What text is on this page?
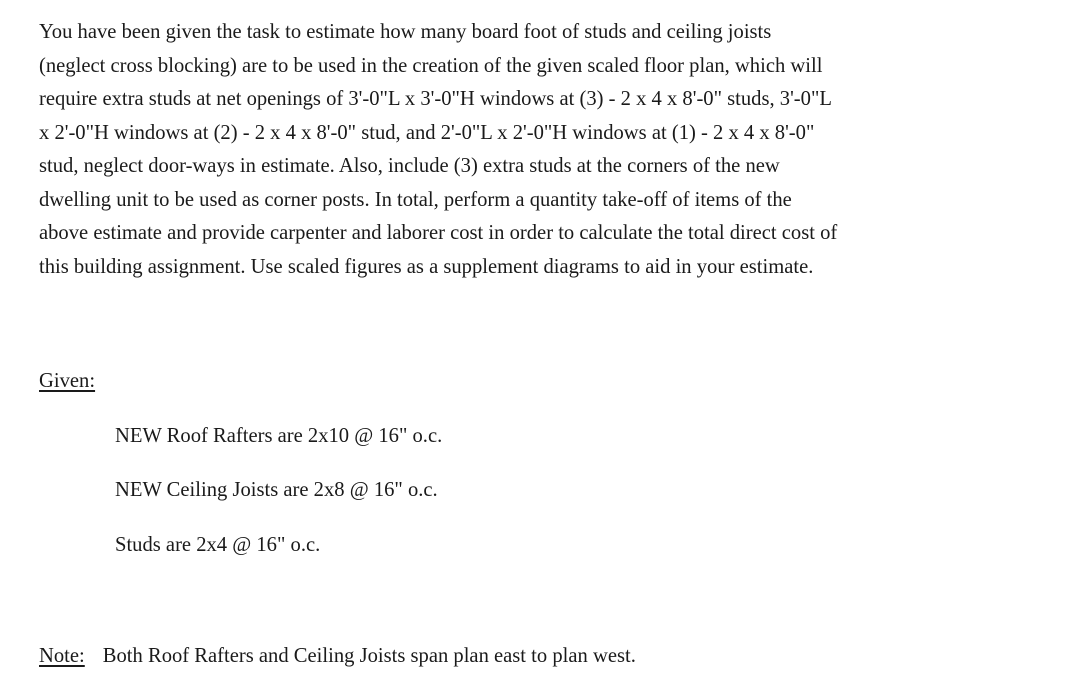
You have been given the task to estimate how many board foot of studs and ceiling joists
(neglect cross blocking) are to be used in the creation of the given scaled floor plan, which will
require extra studs at net openings of 3'-0"L x 3'-0"H windows at (3) - 2 x 4 x 8'-0" studs, 3'-0"L
x 2'-0"H windows at (2) - 2 x 4 x 8'-0" stud, and 2'-0"L x 2'-0"H windows at (1) - 2 x 4 x 8'-0"
stud, neglect door-ways in estimate. Also, include (3) extra studs at the corners of the new
dwelling unit to be used as corner posts. In total, perform a quantity take-off of items of the
above estimate and provide carpenter and laborer cost in order to calculate the total direct cost of
this building assignment. Use scaled figures as a supplement diagrams to aid in your estimate.

Given:
NEW Roof Rafters are 2x10 @ 16" o.c.
NEW Ceiling Joists are 2x8 @ 16" o.c.
Studs are 2x4 @ 16" o.c.
Note: Both Roof Rafters and Ceiling Joists span plan east to plan west.
